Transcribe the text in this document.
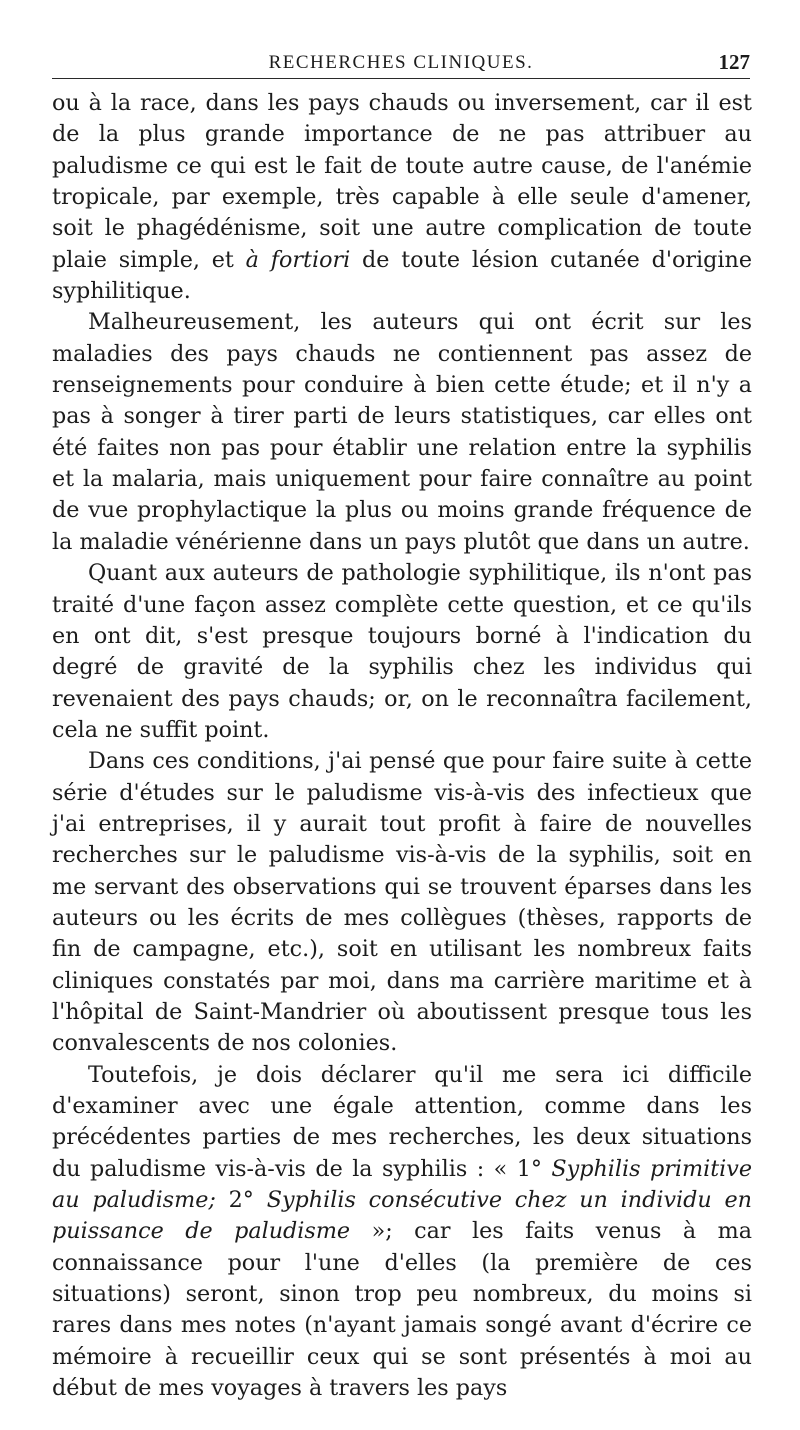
RECHERCHES CLINIQUES.	127

ou à la race, dans les pays chauds ou inversement, car il est de la plus grande importance de ne pas attribuer au paludisme ce qui est le fait de toute autre cause, de l'anémie tropicale, par exemple, très capable à elle seule d'amener, soit le phagédénisme, soit une autre complication de toute plaie simple, et à fortiori de toute lésion cutanée d'origine syphilitique.

Malheureusement, les auteurs qui ont écrit sur les maladies des pays chauds ne contiennent pas assez de renseignements pour conduire à bien cette étude; et il n'y a pas à songer à tirer parti de leurs statistiques, car elles ont été faites non pas pour établir une relation entre la syphilis et la malaria, mais uniquement pour faire connaître au point de vue prophylactique la plus ou moins grande fréquence de la maladie vénérienne dans un pays plutôt que dans un autre.

Quant aux auteurs de pathologie syphilitique, ils n'ont pas traité d'une façon assez complète cette question, et ce qu'ils en ont dit, s'est presque toujours borné à l'indication du degré de gravité de la syphilis chez les individus qui revenaient des pays chauds; or, on le reconnaîtra facilement, cela ne suffit point.

Dans ces conditions, j'ai pensé que pour faire suite à cette série d'études sur le paludisme vis-à-vis des infectieux que j'ai entreprises, il y aurait tout profit à faire de nouvelles recherches sur le paludisme vis-à-vis de la syphilis, soit en me servant des observations qui se trouvent éparses dans les auteurs ou les écrits de mes collègues (thèses, rapports de fin de campagne, etc.), soit en utilisant les nombreux faits cliniques constatés par moi, dans ma carrière maritime et à l'hôpital de Saint-Mandrier où aboutissent presque tous les convalescents de nos colonies.

Toutefois, je dois déclarer qu'il me sera ici difficile d'examiner avec une égale attention, comme dans les précédentes parties de mes recherches, les deux situations du paludisme vis-à-vis de la syphilis : « 1° Syphilis primitive au paludisme; 2° Syphilis consécutive chez un individu en puissance de paludisme »; car les faits venus à ma connaissance pour l'une d'elles (la première de ces situations) seront, sinon trop peu nombreux, du moins si rares dans mes notes (n'ayant jamais songé avant d'écrire ce mémoire à recueillir ceux qui se sont présentés à moi au début de mes voyages à travers les pays
